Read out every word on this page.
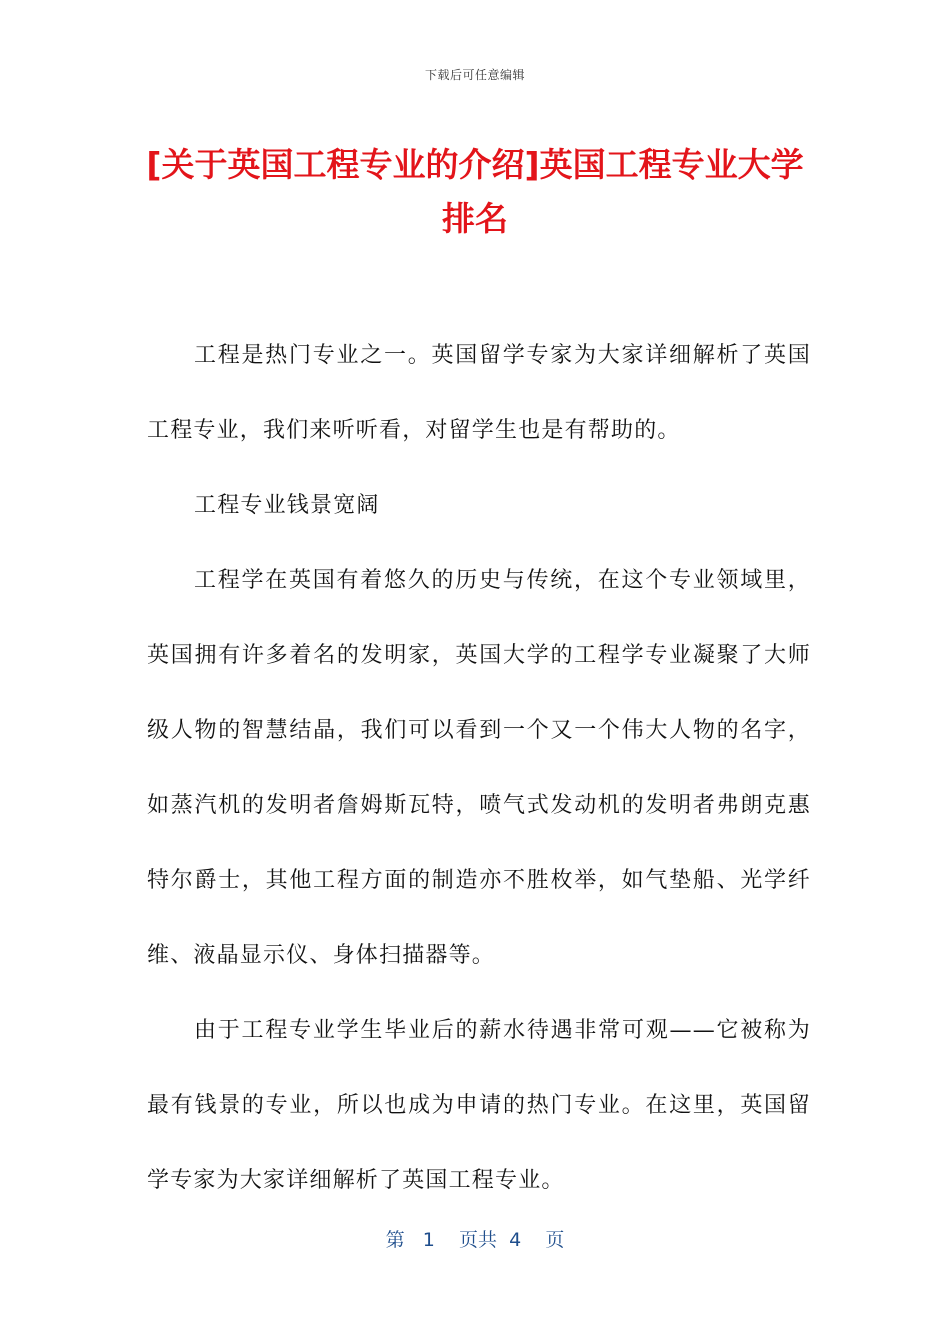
下载后可任意编辑
[关于英国工程专业的介绍]英国工程专业大学排名

工程是热门专业之一。英国留学专家为大家详细解析了英国工程专业，我们来听听看，对留学生也是有帮助的。

工程专业钱景宽阔

工程学在英国有着悠久的历史与传统，在这个专业领域里，英国拥有许多着名的发明家，英国大学的工程学专业凝聚了大师级人物的智慧结晶，我们可以看到一个又一个伟大人物的名字，如蒸汽机的发明者詹姆斯瓦特，喷气式发动机的发明者弗朗克惠特尔爵士，其他工程方面的制造亦不胜枚举，如气垫船、光学纤维、液晶显示仪、身体扫描器等。

由于工程专业学生毕业后的薪水待遇非常可观——它被称为最有钱景的专业，所以也成为申请的热门专业。在这里，英国留学专家为大家详细解析了英国工程专业。

第 1 页共 4 页
